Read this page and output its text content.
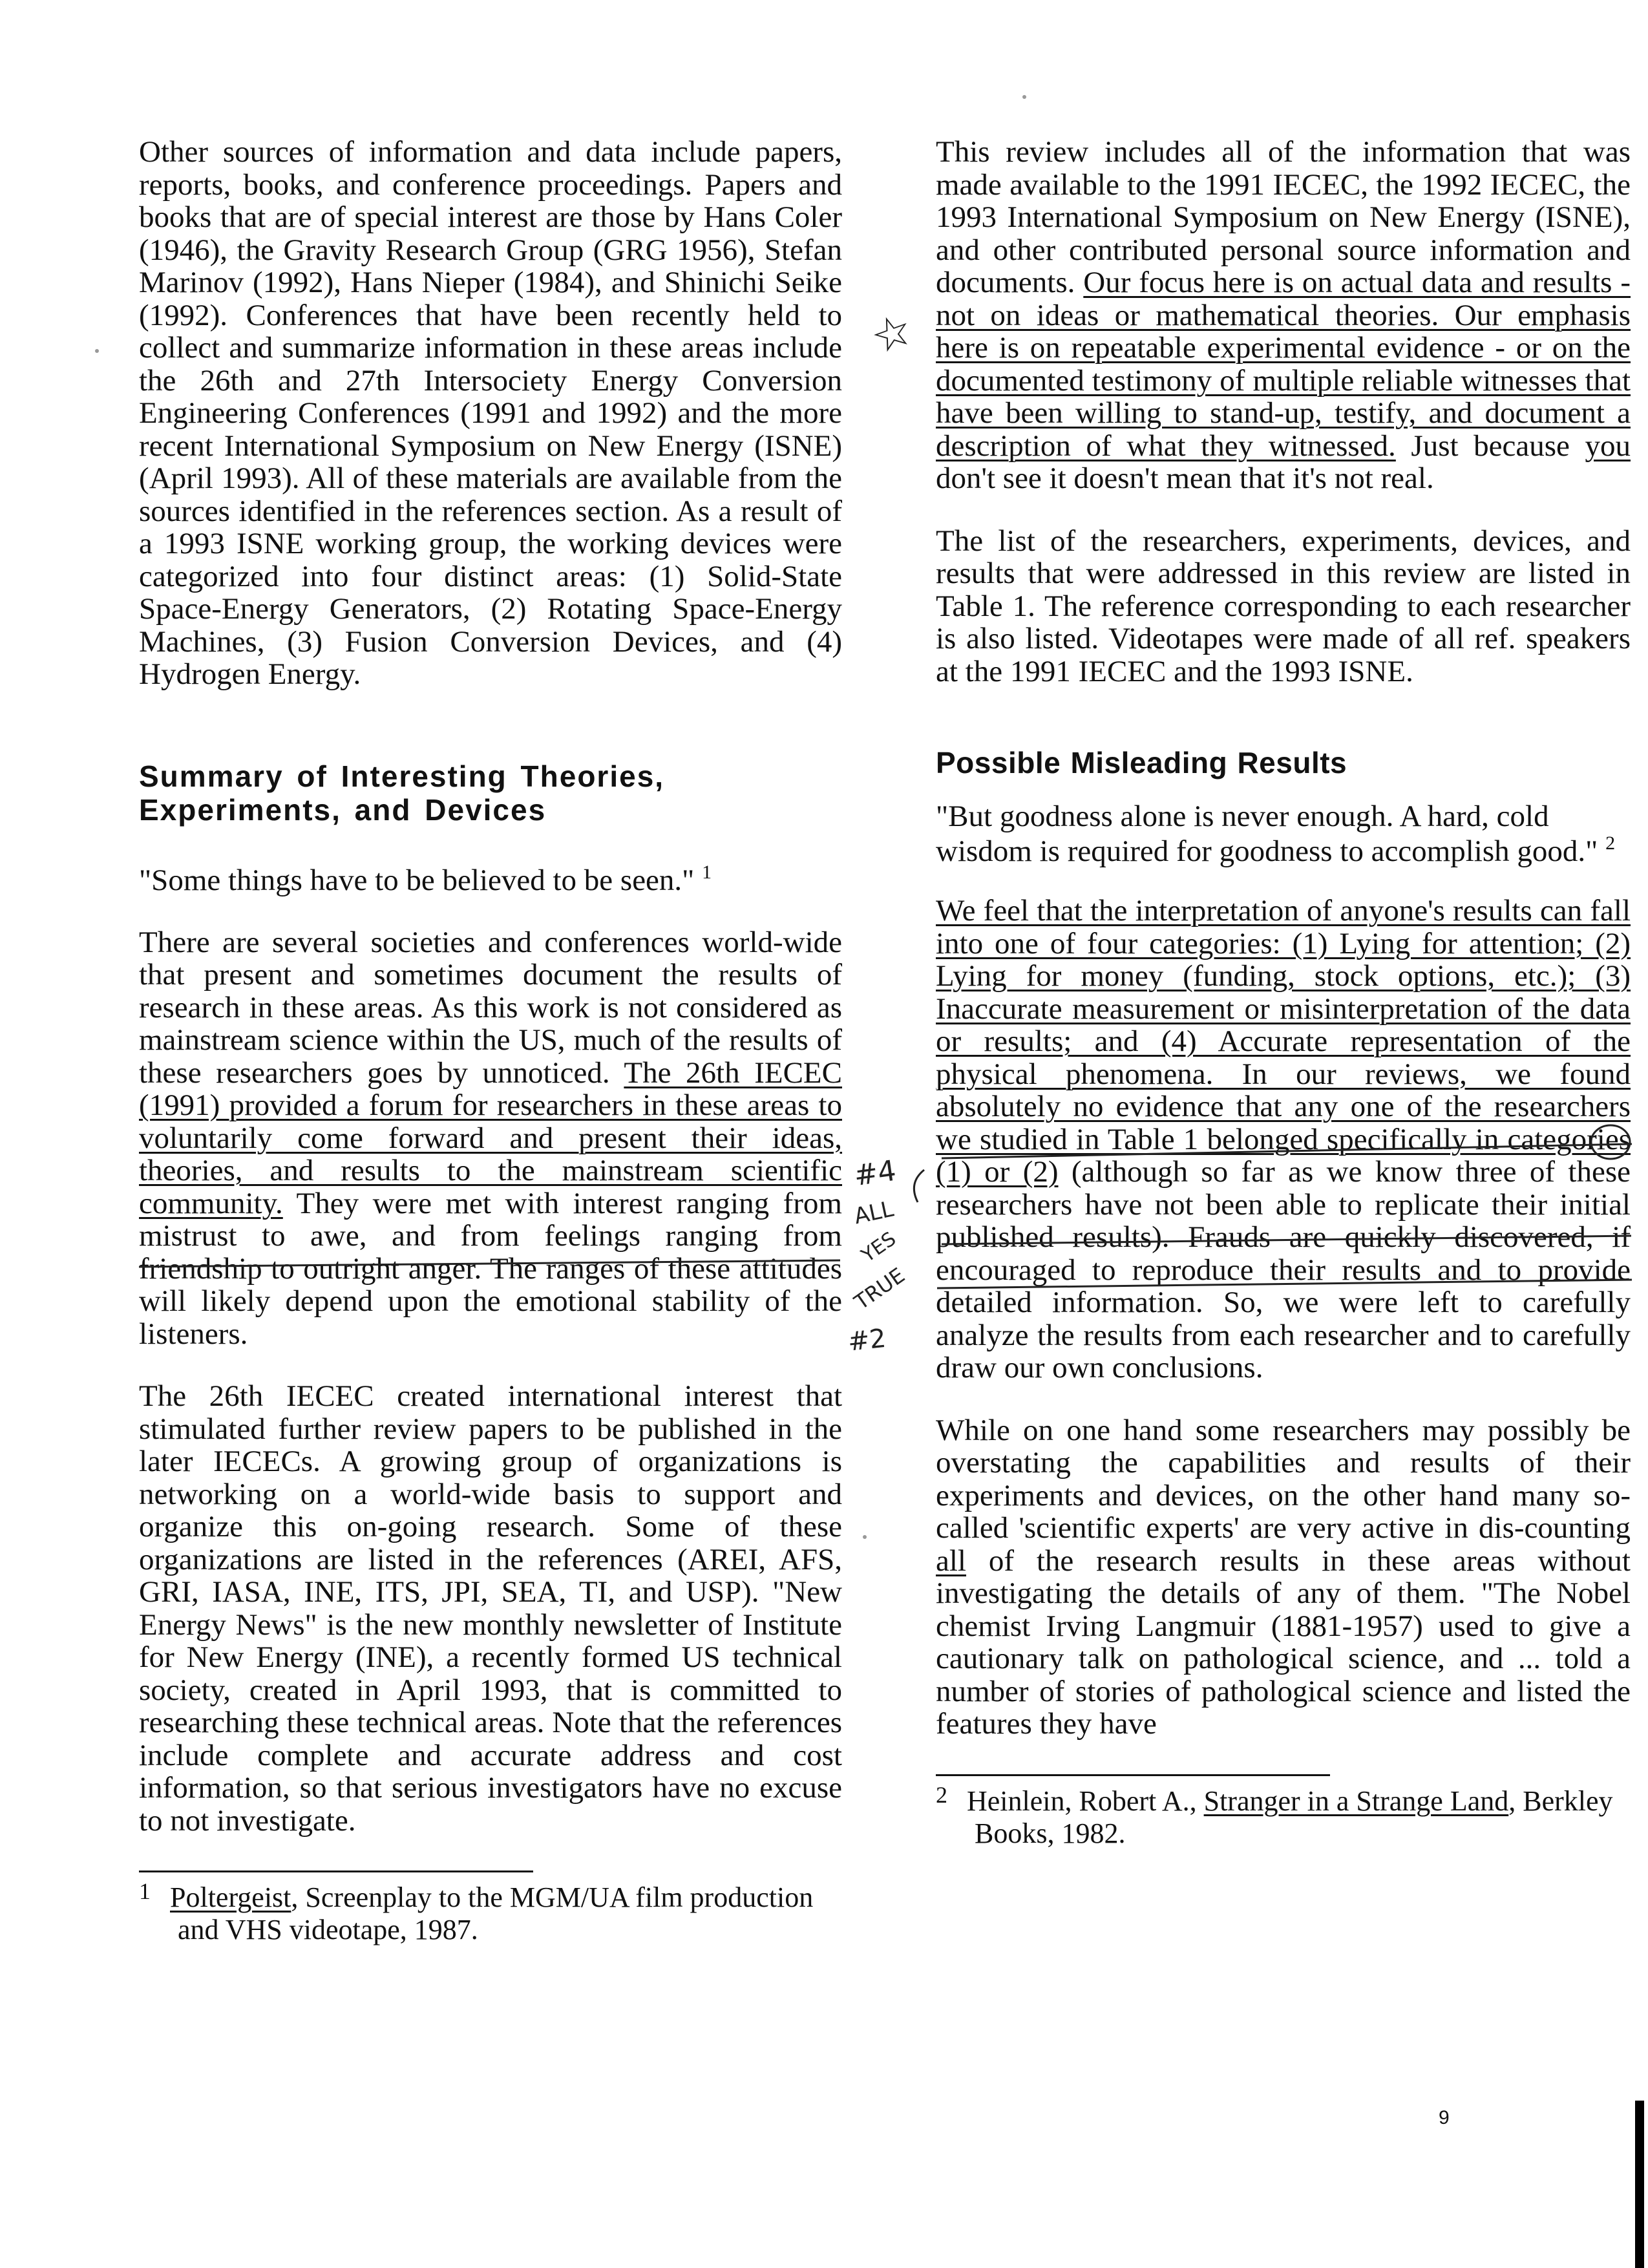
Other sources of information and data include papers, reports, books, and conference proceedings. Papers and books that are of special interest are those by Hans Coler (1946), the Gravity Research Group (GRG 1956), Stefan Marinov (1992), Hans Nieper (1984), and Shinichi Seike (1992). Conferences that have been recently held to collect and summarize information in these areas include the 26th and 27th Intersociety Energy Conversion Engineering Conferences (1991 and 1992) and the more recent International Symposium on New Energy (ISNE) (April 1993). All of these materials are available from the sources identified in the references section. As a result of a 1993 ISNE working group, the working devices were categorized into four distinct areas: (1) Solid-State Space-Energy Generators, (2) Rotating Space-Energy Machines, (3) Fusion Conversion Devices, and (4) Hydrogen Energy.

Summary of Interesting Theories, Experiments, and Devices

"Some things have to be believed to be seen." $^1$

There are several societies and conferences world-wide that present and sometimes document the results of research in these areas. As this work is not considered as mainstream science within the US, much of the results of these researchers goes by unnoticed. The 26th IECEC (1991) provided a forum for researchers in these areas to voluntarily come forward and present their ideas, theories, and results to the mainstream scientific community. They were met with interest ranging from mistrust to awe, and from feelings ranging from friendship to outright anger. The ranges of these attitudes will likely depend upon the emotional stability of the listeners.

The 26th IECEC created international interest that stimulated further review papers to be published in the later IECECs. A growing group of organizations is networking on a world-wide basis to support and organize this on-going research. Some of these organizations are listed in the references (AREI, AFS, GRI, IASA, INE, ITS, JPI, SEA, TI, and USP). "New Energy News" is the new monthly newsletter of Institute for New Energy (INE), a recently formed US technical society, created in April 1993, that is committed to researching these technical areas. Note that the references include complete and accurate address and cost information, so that serious investigators have no excuse to not investigate.

$^1$ Poltergeist, Screenplay to the MGM/UA film production and VHS videotape, 1987.

This review includes all of the information that was made available to the 1991 IECEC, the 1992 IECEC, the 1993 International Symposium on New Energy (ISNE), and other contributed personal source information and documents. Our focus here is on actual data and results - not on ideas or mathematical theories. Our emphasis here is on repeatable experimental evidence - or on the documented testimony of multiple reliable witnesses that have been willing to stand-up, testify, and document a description of what they witnessed. Just because you don't see it doesn't mean that it's not real.

The list of the researchers, experiments, devices, and results that were addressed in this review are listed in Table 1. The reference corresponding to each researcher is also listed. Videotapes were made of all ref. speakers at the 1991 IECEC and the 1993 ISNE.

Possible Misleading Results

"But goodness alone is never enough. A hard, cold wisdom is required for goodness to accomplish good." $^2$

We feel that the interpretation of anyone's results can fall into one of four categories: (1) Lying for attention; (2) Lying for money (funding, stock options, etc.); (3) Inaccurate measurement or misinterpretation of the data or results; and (4) Accurate representation of the physical phenomena. In our reviews, we found absolutely no evidence that any one of the researchers we studied in Table 1 belonged specifically in categories (1) or (2) (although so far as we know three of these researchers have not been able to replicate their initial published results). Frauds are quickly discovered, if encouraged to reproduce their results and to provide detailed information. So, we were left to carefully analyze the results from each researcher and to carefully draw our own conclusions.

While on one hand some researchers may possibly be overstating the capabilities and results of their experiments and devices, on the other hand many so-called 'scientific experts' are very active in dis-counting all of the research results in these areas without investigating the details of any of them. "The Nobel chemist Irving Langmuir (1881-1957) used to give a cautionary talk on pathological science, and ... told a number of stories of pathological science and listed the features they have

$^2$ Heinlein, Robert A., Stranger in a Strange Land, Berkley Books, 1982.

☆
#4
ALL
YES
TRUE
#2
9
